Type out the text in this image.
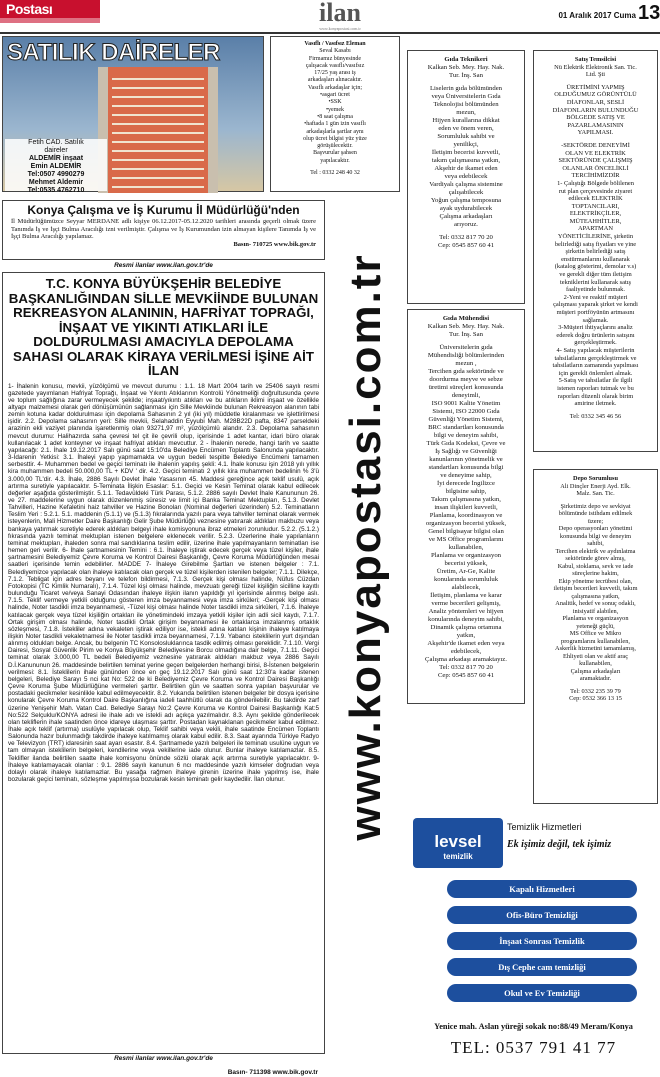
Postası	ilan
www.konyapostasi.com.tr
01 Aralık 2017 Cuma 13
SATILIK DAİRELER
Fetih CAD. Satılık
daireler
ALDEMİR inşaat
Emin ALDEMİR
Tel:0507 4990279
Mehmet Aldemir
Tel:0535 4762710
Vasıflı / Vasıfsız Eleman
Seval Kasabı
Firmamız bünyesinde
çalışacak vasıflı/vasıfsız
17/25 yaş arası iş
arkadaşları alınacaktır.
Vasıflı arkadaşlar için;
•asgari ücret
•SSK
•yemek
•8 saat çalışma
•haftada 1 gün izin vasıflı
arkadaşlarla şartlar aynı
olup ücret bilgisi yüz yüze
görüşülecektir.
Başvurular şahsen
yapılacaktır.
Tel : 0332 248 40 32
Gıda Teknikeri
Kalkan Seb. Mey. Hay. Nak.
Tur. İnş. San
Liselerin gıda bölümünden
veya Üniversitelerin Gıda
Teknolojisi bölümünden
mezun,
Hijyen kurallarına dikkat
eden ve önem veren,
Sorumluluk sahibi ve
yenilikçi,
İletişim becerisi kuvvetli,
takım çalışmasına yatkın,
Akşehir de ikamet eden
veya edebilecek
Vardiyalı çalışma sistemine
çalışabilecek
Yoğun çalışma temposuna
ayak uydurabilecek
Çalışma arkadaşları
arıyoruz.
Tel: 0332 817 70 20
Cep: 0545 857 60 41
Gıda Mühendisi
Kalkan Seb. Mey. Hay. Nak.
Tur. İnş. San
Üniversitelerin gıda
Mühendisliği bölümlerinden
mezun ,
Tercihen gıda sektöründe ve
doordurma meyve ve sebze
üretimi süreçleri konusunda
deneyimli,
ISO 9001 Kalite Yönetim
Sistemi, ISO 22000 Gıda
Güvenliği Yönetim Sistemi,
BRC standartları konusunda
bilgi ve deneyim sahibi,
Türk Gıda Kodeksi, Çevre ve
İş Sağlığı ve Güvenliği
kanunlarının yönetmelik ve
standartları konusunda bilgi
ve deneyime sahip,
İyi derecede İngilizce
bilgisine sahip,
Takım çalışmasına yatkın,
insan ilişkileri kuvvetli,
Planlama, koordinasyon ve
organizasyon becerisi yüksek,
Genel bilgisayar bilgisi olan
ve MS Office programlarını
kullanabilen,
Planlama ve organizasyon
becerisi yüksek,
Üretim, Ar-Ge, Kalite
konularında sorumluluk
alabilecek,
İletişim, planlama ve karar
verme becerileri gelişmiş,
Analiz yöntemleri ve hijyen
konularında deneyim sahibi,
Dinamik çalışma ortamına
yatkın,
Akşehir'de ikamet eden veya
edebilecek,
Çalışma arkadaşı aramaktayız.
Tel: 0332 817 70 20
Cep: 0545 857 60 41
Satış Temsilcisi
Nü Elektrik Elektronik San. Tic.
Ltd. Şti
ÜRETİMİNİ YAPMIŞ
OLDUĞUMUZ GÖRÜNTÜLÜ
DİAFONLAR, SESLİ
DİAFONLARIN BULUNDUĞU
BÖLGEDE SATIŞ VE
PAZARLAMASININ
YAPILMASI.
-SEKTÖRDE DENEYİMİ
OLAN VE ELEKTRİK
SEKTÖRÜNDE ÇALIŞMIŞ
OLANLAR ÖNCELİKLİ
TERCİHİMİZDİR
1- Çalıştığı Bölgede bölilenen
rut plan çerçevesinde ziyaret
edilecek ELEKTRİK
TOPTANCILARI,
ELEKTRİKÇİLER,
MÜTEAHHİTLER,
APARTMAN
YÖNETİCİLERİNE, şirketin
belirlediği satış fiyatları ve yine
şirketin belirlediği satış
enstürmanlarını kullanarak
(katalog gösterimi, demolar v.s)
ve gerekli diğer tüm iletişim
tekniklerini kullanarak satış
faaliyetinde bulunmak.
2-Yeni ve reaktif müşteri
çalışması yaparak şirket ve kendi
müşteri portföyünün artmasını
sağlamak.
3-Müşteri ihtiyaçlarını analiz
ederek doğru ürünlerin satışını
gerçekleştirmek.
4- Satış yapılacak müşterilerin
tahsilatlarını gerçekleştirmek ve
tahsilatların zamanında yapılması
için gerekli önlemleri almak.
5-Satış ve tahsilatlar ile ilgili
istenen raporları tutmak ve bu
raporları düzenli olarak birim
amirine iletmek.
Tel: 0332 345 46 56
Depo Sorumlusu
Ali Dinçler Enerji Ayd. Elk.
Malz. San. Tic.
Şirketimiz depo ve sevkiyat
bölümünde istihdam edilmek
üzere;
Depo operasyonları yönetimi
konusunda bilgi ve deneyim
sahibi,
Tercihen elektrik ve aydınlatma
sektöründe görev almış,
Kabul, stoklama, sevk ve iade
süreçlerine hakim,
Ekip yönetme tecrübesi olan,
iletişim becerileri kuvvetli, takım
çalışmasına yatkın,
Analitik, hedef ve sonuç odaklı,
inisiyatif alabilen,
Planlama ve organizasyon
yeteneği güçlü,
MS Office ve Mikro
programlarını kullanabilen,
Askerlik hizmetini tamamlamış,
Ehliyeti olan ve aktif araç
kullanabilen,
Çalışma arkadaşları
aramaktadır.
Tel: 0332 235 39 79
Cep: 0532 366 13 15
Konya Çalışma ve İş Kurumu İl Müdürlüğü'nden
İl Müdürlüğümüzce Seyyar MERDANE adlı kişiye 06.12.2017-05.12.2020 tarihleri arasında geçerli olmak üzere Tanımda İş ve İşçi Bulma Aracılığı izni verilmiştir. Çalışma ve İş Kurumundan izin almayan kişilere Tanımda İş ve İşçi Bulma Aracılığı yapılamaz.
Basın- 710725 www.bik.gov.tr
Resmi ilanlar www.ilan.gov.tr'de
T.C. KONYA BÜYÜKŞEHİR BELEDİYE BAŞKANLIĞINDAN SİLLE MEVKİİNDE BULUNAN REKREASYON ALANININ, HAFRİYAT TOPRAĞI, İNŞAAT VE YIKINTI ATIKLARI İLE DOLDURULMASI AMACIYLA DEPOLAMA SAHASI OLARAK KİRAYA VERİLMESİ İŞİNE AİT İLAN
1- İhalenin konusu, mevkii, yüzölçümü ve mevcut durumu : 1.1. 18 Mart 2004 tarih ve 25406 sayılı resmi gazetede yayımlanan Hafriyat Toprağı, İnşaat ve Yıkıntı Atıklarının Kontrolü Yönetmeliği doğrultusunda çevre ve toplum sağlığına zarar vermeyecek şekilde; inşaat/yıkıntı atıkları ve bu atıkların iklimi inşaat ve özellikle altyapı malzemesi olarak geri dönüşümünün sağlanması için Sille Mevkiinde bulunan Rekreasyon alanının tabi zemin kotuna kadar doldurulması için depolama Sahasının 2 yıl (iki yıl) müddetle kiralanması ve işlettirilmesi işidir. 2.2. Depolama sahasının yeri: Sille mevkii, Selahaddin Eyyubi Mah. M28B22D pafta, 8347 parseldeki arazinin ekli vaziyet planında işaretlenmiş olan 93271,97 m², yüzölçümlü alandır. 2.3. Depolama sahasının mevcut durumu: Halihazırda saha çevresi tel çit ile çevrili olup, içerisinde 1 adet kantar, idari büro olarak kullanılacak 1 adet konteyner ve inşaat hafriyat atıkları mevcuttur. 2 - İhalenin nerede, hangi tarih ve saatte yapılacağı: 2.1. İhale 19.12.2017 Salı günü saat 15:10'da Belediye Encümen Toplantı Salonunda yapılacaktır. 3-İdarenin Yetkisi: 3.1. İhaleyi yapıp yapmamakta ve uygun bedeli tespitte Belediye Encümeni tamamen serbesttir. 4- Muhammen bedel ve geçici teminatı ile ihalenin yapılış şekli: 4.1. İhale konusu işin 2018 yılı yıllık kira muhammen bedeli 50.000,00 TL + KDV ' dir. 4.2. Geçici teminatı 2 yıllık kira muhammen bedelinin % 3'ü 3.000,00 TL'dir. 4.3. İhale, 2886 Sayılı Devlet İhale Yasasının 45. Maddesi gereğince açık teklif usulü, açık artırma suretiyle yapılacaktır. 5-Teminata İlişkin Esaslar: 5.1. Geçici ve Kesin Teminat olarak kabul edilecek değerler aşağıda gösterilmiştir. 5.1.1. Tedavüldeki Türk Parası, 5.1.2. 2886 sayılı Devlet İhale Kanununun 26. ve 27. maddelerine uygun olarak düzenlenmiş süresiz ve limit içi Banka Teminat Mektupları, 5.1.3. Devlet Tahvilleri, Hazine Kefaletini haiz tahviller ve Hazine Bonoları (Nominal değerleri üzerinden) 5.2. Teminatların Teslim Yeri : 5.2.1. 5.1. maddenin (5.1.1) ve (5.1.3) fıkralarında yazılı para veya tahviller teminat olarak vermek isteyenlerin, Mali Hizmetler Daire Başkanlığı Gelir Şube Müdürlüğü veznesine yatırarak aldıkları makbuzu veya bankaya yatırmak suretiyle ederek aldıkları belgeyi ihale komisyonuna ibraz etmeleri zorunludur. 5.2.2. (5.1.2.) fıkrasında yazılı teminat mektupları istenen belgelere eklenecek verilir. 5.2.3. Üzerlerine ihale yapılanların teminat mektupları, ihaleden sonra mal sandıklarına teslim edilir, üzerine ihale yapılmayanların teminatları ise hemen geri verilir. 6- İhale şartnamesinin Temini : 6.1. İhaleye iştirak edecek gerçek veya tüzel kişiler, ihale şartnamesini Belediyemiz Çevre Koruma ve Kontrol Dairesi Başkanlığı, Çevre Koruma Müdürlüğünden mesai saatleri içerisinde temin edebilirler. MADDE 7- İhaleye Girebilme Şartları ve istenen belgeler : 7.1. Belediyemizce yapılacak olan ihaleye katılacak olan gerçek ve tüzel kişilerden istenilen belgeler; 7.1.1. Dilekçe, 7.1.2. Tebligat için adres beyanı ve telefon bildirmesi, 7.1.3. Gerçek kişi olması halinde, Nüfus Cüzdan Fotokopisi (TC Kimlik Numaralı), 7.1.4. Tüzel kişi olması halinde, mevzuatı gereği tüzel kişiliğin sicilline kayıtlı bulunduğu Ticaret ve/veya Sanayi Odasından ihaleye ilişkin ilanın yapıldığı yıl içerisinde alınmış belge aslı. 7.1.5. Teklif vermeye yetkili olduğunu gösteren imza beyannamesi veya imza sirküleri; -Gerçek kişi olması halinde, Noter tasdikli imza beyannamesi, -Tüzel kişi olması halinde Noter tasdikli imza sirküleri, 7.1.6. İhaleye katılacak gerçek veya tüzel kişiliğin ortakları ile yönetimindeki imzaya yetkili kişiler için adli sicil kaydı, 7.1.7. Ortak girişim olması halinde, Noter tasdikli Ortak girişim beyannamesi ile ortaklarca imzalanmış ortaklık sözleşmesi, 7.1.8. İstekliler adına vekaleten iştirak ediliyor ise, istekli adına katılan kişinin ihaleye katılmaya ilişkin Noter tasdikli vekaletnamesi ile Noter tasdikli imza beyannamesi, 7.1.9. Yabancı isteklilerin yurt dışından alınmış oldukları belge. Ancak, bu belgenin TC Konsolosluklarınca tasdik edilmiş olması gereklidir. 7.1.10. Vergi Dairesi, Sosyal Güvenlik Pirim ve Konya Büyükşehir Belediyesine Borcu olmadığına dair belge, 7.1.11. Geçici teminat olarak 3.000,00 TL bedeli Belediyemiz veznesine yatırarak aldıkları makbuz veya 2886 Sayılı D.İ.Kanununun 26. maddesinde belirtilen teminat yerine geçen belgelerden herhangi birisi, 8-İstenen belgelerin verilmesi: 8.1. İsteklilerin ihale gününden önce en geç 19.12.2017 Salı günü saat 12:30'a kadar istenen belgeleri, Belediye Sarayı 5 nci kat No: 522 de ki Belediyemiz Çevre Koruma ve Kontrol Dairesi Başkanlığı Çevre Koruma Şube Müdürlüğüne vermeleri şarttır. Belirtilen gün ve saatten sonra yapılan başvurular ve postadaki gecikmeler kesinlikle kabul edilmeyecektir. 8.2. Yukarıda belirtilen istenen belgeler bir dosya içerisine konularak Çevre Koruma Kontrol Daire Başkanlığına iadeli taahhütlü olarak da gönderilebilir. Bu takdirde zarf üzerine Yenişehir Mah. Vatan Cad. Belediye Sarayı No:2 Çevre Koruma ve Kontrol Dairesi Başkanlığı Kat:5 No:522 Selçuklu/KONYA adresi ile ihale adı ve istekli adı açıkça yazılmalıdır. 8.3. Aynı şekilde gönderilecek olan tekliflerin ihale saatinden önce idareye ulaşması şarttır. Postadan kaynaklanan gecikmeler kabul edilmez. İhale açık teklif (artırma) usulüyle yapılacak olup, Teklif sahibi veya vekili, ihale saatinde Encümen Toplantı Salonunda hazır bulunmadığı takdirde ihaleye katılmamış olarak kabul edilir. 8.3. Saat ayarında Türkiye Radyo ve Televizyon (TRT) idaresinin saat ayarı esastır. 8.4. Şartnamede yazılı belgeleri ile teminatı usulüne uygun ve tam olmayan isteklilerin belgeleri, kendilerine veya vekillerine iade olunur. Bunlar ihaleye katılamazlar. 8.5. Teklifler ilanda belirtilen saatte ihale komisyonu önünde sözlü olarak açık artırma suretiyle yapılacaktır. 9-İhaleye katılamayacak olanlar : 9.1. 2886 sayılı kanunun 6 ncı maddesinde yazılı kimseler doğrudan veya dolaylı olarak ihaleye katılamazlar. Bu yasağa rağmen ihaleye girenin üzerine ihale yapılmış ise, ihale bozularak geçici teminatı, sözleşme yapılmışsa bozularak kesin teminatı gelir kaydedilir. İlan olunur.
Basın- 711398 www.bik.gov.tr
Resmi ilanlar www.ilan.gov.tr'de
www.konyapostasi.com.tr
levsel
temizlik
Temizlik Hizmetleri
Ek işimiz değil, tek işimiz
Kapalı Hizmetleri
Ofis-Büro Temizliği
İnşaat Sonrası Temizlik
Dış Cephe cam temizliği
Okul ve Ev Temizliği
Yenice mah. Aslan yüreği sokak no:88/49 Meram/Konya
TEL: 0537 791 41 77
